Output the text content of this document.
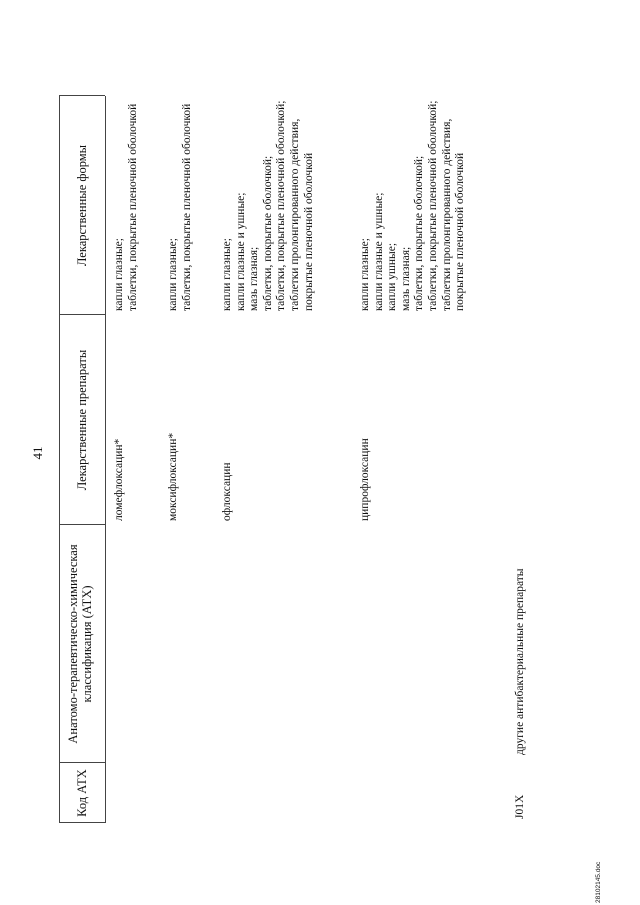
41
Код АТХ
Анатомо-терапевтическо-химическая классификация (АТХ)
Лекарственные препараты
Лекарственные формы
ломефлоксацин*
капли глазные; таблетки, покрытые пленочной оболочкой
моксифлоксацин*
капли глазные; таблетки, покрытые пленочной оболочкой
офлоксацин
капли глазные; капли глазные и ушные; мазь глазная; таблетки, покрытые оболочкой; таблетки, покрытые пленочной оболочкой; таблетки пролонгированного действия, покрытые пленочной оболочкой
ципрофлоксацин
капли глазные; капли глазные и ушные; капли ушные; мазь глазная; таблетки, покрытые оболочкой; таблетки, покрытые пленочной оболочкой; таблетки пролонгированного действия, покрытые пленочной оболочкой
J01X
другие антибактериальные препараты
28102145.doc
